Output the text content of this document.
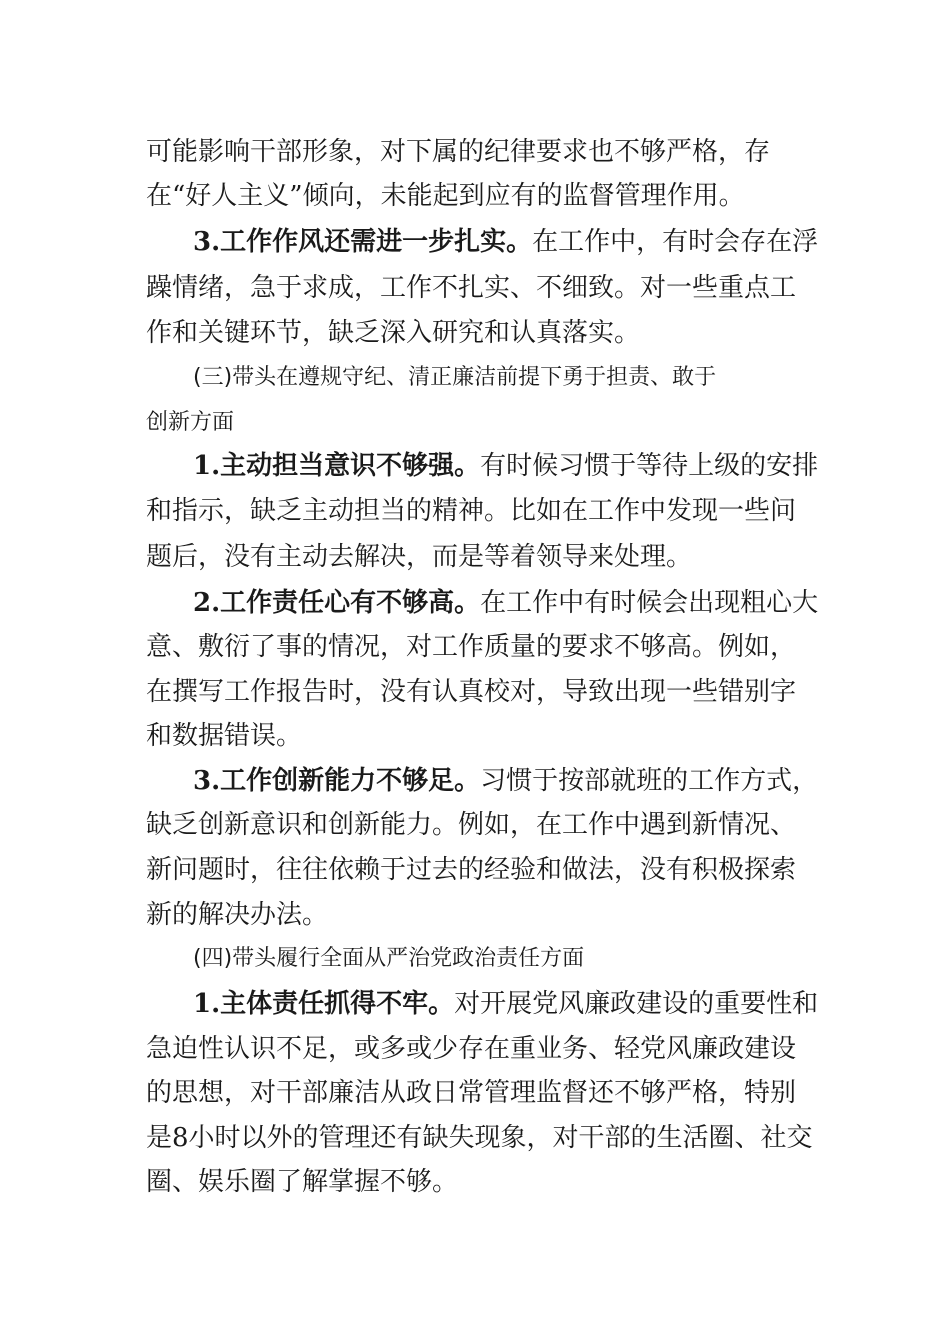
可能影响干部形象，对下属的纪律要求也不够严格，存
在“好人主义”倾向，未能起到应有的监督管理作用。
3.工作作风还需进一步扎实。在工作中，有时会存在浮
躁情绪，急于求成，工作不扎实、不细致。对一些重点工
作和关键环节，缺乏深入研究和认真落实。
(三)带头在遵规守纪、清正廉洁前提下勇于担责、敢于
创新方面
1.主动担当意识不够强。有时候习惯于等待上级的安排
和指示，缺乏主动担当的精神。比如在工作中发现一些问
题后，没有主动去解决，而是等着领导来处理。
2.工作责任心有不够高。在工作中有时候会出现粗心大
意、敷衍了事的情况，对工作质量的要求不够高。例如，
在撰写工作报告时，没有认真校对，导致出现一些错别字
和数据错误。
3.工作创新能力不够足。习惯于按部就班的工作方式，
缺乏创新意识和创新能力。例如，在工作中遇到新情况、
新问题时，往往依赖于过去的经验和做法，没有积极探索
新的解决办法。
(四)带头履行全面从严治党政治责任方面
1.主体责任抓得不牢。对开展党风廉政建设的重要性和
急迫性认识不足，或多或少存在重业务、轻党风廉政建设
的思想，对干部廉洁从政日常管理监督还不够严格，特别
是8小时以外的管理还有缺失现象，对干部的生活圈、社交
圈、娱乐圈了解掌握不够。
